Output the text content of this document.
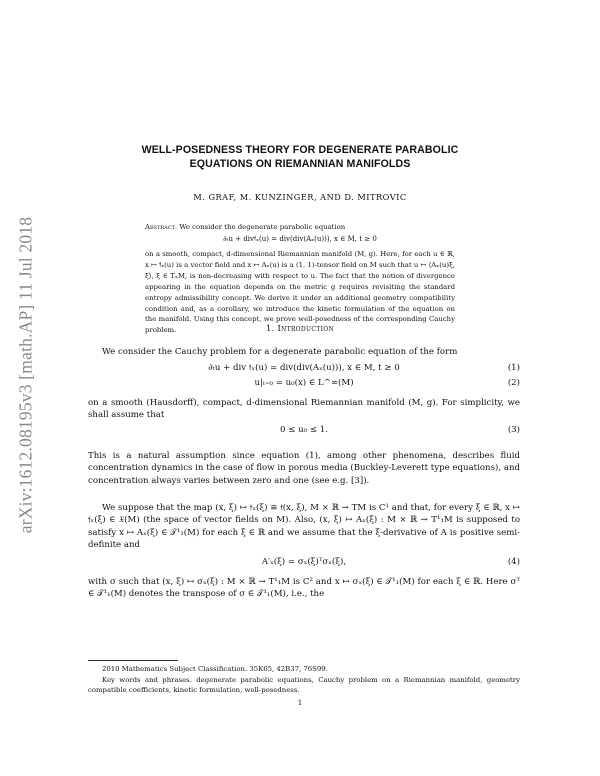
arXiv:1612.08195v3 [math.AP] 11 Jul 2018
WELL-POSEDNESS THEORY FOR DEGENERATE PARABOLIC
EQUATIONS ON RIEMANNIAN MANIFOLDS
M. GRAF, M. KUNZINGER, AND D. MITROVIC

Abstract. We consider the degenerate parabolic equation

∂ₜu + div𝔣ₓ(u) = div(div(Aₓ(u))), x ∈ M, t ≥ 0

on a smooth, compact, d-dimensional Riemannian manifold (M, g). Here, for each u ∈ ℝ, x ↦ 𝔣ₓ(u) is a vector field and x ↦ Aₓ(u) is a (1, 1)-tensor field on M such that u ↦ ⟨Aₓ(u)ξ, ξ⟩, ξ ∈ TₓM, is non-decreasing with respect to u. The fact that the notion of divergence appearing in the equation depends on the metric g requires revisiting the standard entropy admissibility concept. We derive it under an additional geometry compatibility condition and, as a corollary, we introduce the kinetic formulation of the equation on the manifold. Using this concept, we prove well-posedness of the corresponding Cauchy problem.	1. Introduction

We consider the Cauchy problem for a degenerate parabolic equation of the form

∂ₜu + div 𝔣ₓ(u) = div(div(Aₓ(u))), x ∈ M, t ≥ 0	(1)
u|ₜ₌₀ = u₀(x) ∈ L^∞(M)	(2)

on a smooth (Hausdorff), compact, d-dimensional Riemannian manifold (M, g). For simplicity, we shall assume that

0 ≤ u₀ ≤ 1.	(3)

This is a natural assumption since equation (1), among other phenomena, describes fluid concentration dynamics in the case of flow in porous media (Buckley-Leverett type equations), and concentration always varies between zero and one (see e.g. [3]).

We suppose that the map (x, ξ) ↦ 𝔣ₓ(ξ) ≡ 𝔣(x, ξ), M × ℝ → TM is C¹ and that, for every ξ ∈ ℝ, x ↦ 𝔣ₓ(ξ) ∈ 𝔛(M) (the space of vector fields on M). Also, (x, ξ) ↦ Aₓ(ξ) : M × ℝ → T¹₁M is supposed to satisfy x ↦ Aₓ(ξ) ∈ 𝒯¹₁(M) for each ξ ∈ ℝ and we assume that the ξ-derivative of A is positive semi-definite and

A′ₓ(ξ) = σₓ(ξ)ᵀσₓ(ξ),	(4)

with σ such that (x, ξ) ↦ σₓ(ξ) : M × ℝ → T¹₁M is C² and x ↦ σₓ(ξ) ∈ 𝒯¹₁(M) for each ξ ∈ ℝ. Here σᵀ ∈ 𝒯¹₁(M) denotes the transpose of σ ∈ 𝒯¹₁(M), i.e., the

2010 Mathematics Subject Classification. 35K65, 42B37, 76S99.

Key words and phrases. degenerate parabolic equations, Cauchy problem on a Riemannian manifold, geometry compatible coefficients, kinetic formulation, well-posedness.

1
